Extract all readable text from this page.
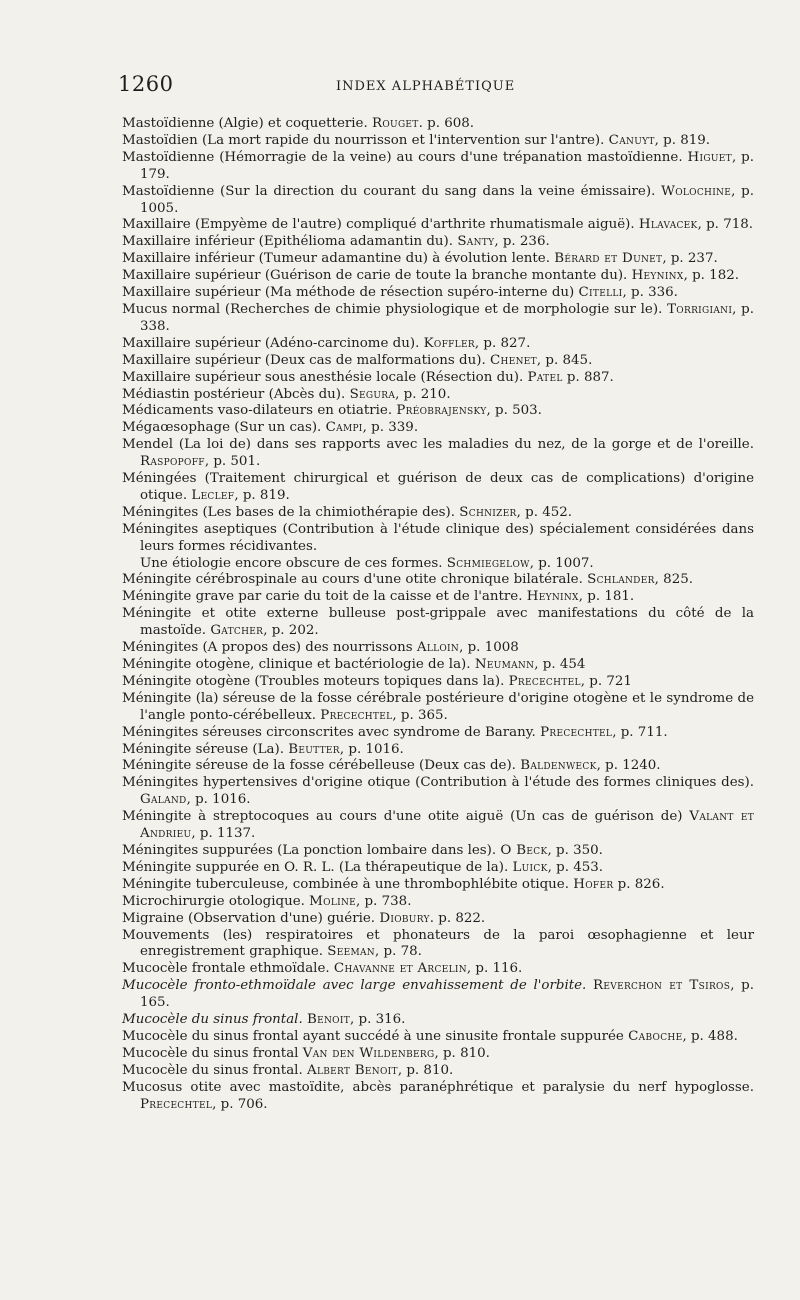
1260	INDEX ALPHABÉTIQUE

Mastoïdienne (Algie) et coquetterie. Rouget. p. 608.

Mastoïdien (La mort rapide du nourrisson et l'intervention sur l'antre). Canuyt, p. 819.

Mastoïdienne (Hémorragie de la veine) au cours d'une trépanation mastoïdienne. Higuet, p. 179.

Mastoïdienne (Sur la direction du courant du sang dans la veine émissaire). Wolochine, p. 1005.

Maxillaire (Empyème de l'autre) compliqué d'arthrite rhumatismale aiguë). Hlavacek, p. 718.

Maxillaire inférieur (Epithélioma adamantin du). Santy, p. 236.

Maxillaire inférieur (Tumeur adamantine du) à évolution lente. Bérard et Dunet, p. 237.

Maxillaire supérieur (Guérison de carie de toute la branche montante du). Heyninx, p. 182.

Maxillaire supérieur (Ma méthode de résection supéro-interne du) Citelli, p. 336.

Mucus normal (Recherches de chimie physiologique et de morphologie sur le). Torrigiani, p. 338.

Maxillaire supérieur (Adéno-carcinome du). Koffler, p. 827.

Maxillaire supérieur (Deux cas de malformations du). Chenet, p. 845.

Maxillaire supérieur sous anesthésie locale (Résection du). Patel p. 887.

Médiastin postérieur (Abcès du). Segura, p. 210.

Médicaments vaso-dilateurs en otiatrie. Préobrajensky, p. 503.

Mégaœsophage (Sur un cas). Campi, p. 339.

Mendel (La loi de) dans ses rapports avec les maladies du nez, de la gorge et de l'oreille. Raspopoff, p. 501.

Méningées (Traitement chirurgical et guérison de deux cas de complications) d'origine otique. Leclef, p. 819.

Méningites (Les bases de la chimiothérapie des). Schnizer, p. 452.

Méningites aseptiques (Contribution à l'étude clinique des) spécialement considérées dans leurs formes récidivantes.

Une étiologie encore obscure de ces formes. Schmiegelow, p. 1007.

Méningite cérébrospinale au cours d'une otite chronique bilatérale. Schlander, 825.

Méningite grave par carie du toit de la caisse et de l'antre. Heyninx, p. 181.

Méningite et otite externe bulleuse post-grippale avec manifestations du côté de la mastoïde. Gatcher, p. 202.

Méningites (A propos des) des nourrissons Alloin, p. 1008

Méningite otogène, clinique et bactériologie de la). Neumann, p. 454

Méningite otogène (Troubles moteurs topiques dans la). Precechtel, p. 721

Méningite (la) séreuse de la fosse cérébrale postérieure d'origine otogène et le syndrome de l'angle ponto-cérébelleux. Precechtel, p. 365.

Méningites séreuses circonscrites avec syndrome de Barany. Precechtel, p. 711.

Méningite séreuse (La). Beutter, p. 1016.

Méningite séreuse de la fosse cérébelleuse (Deux cas de). Baldenweck, p. 1240.

Méningites hypertensives d'origine otique (Contribution à l'étude des formes cliniques des). Galand, p. 1016.

Méningite à streptocoques au cours d'une otite aiguë (Un cas de guérison de) Valant et Andrieu, p. 1137.

Méningites suppurées (La ponction lombaire dans les). O Beck, p. 350.

Méningite suppurée en O. R. L. (La thérapeutique de la). Luick, p. 453.

Méningite tuberculeuse, combinée à une thrombophlébite otique. Hofer p. 826.

Microchirurgie otologique. Moline, p. 738.

Migraine (Observation d'une) guérie. Diobury. p. 822.

Mouvements (les) respiratoires et phonateurs de la paroi œsophagienne et leur enregistrement graphique. Seeman, p. 78.

Mucocèle frontale ethmoïdale. Chavanne et Arcelin, p. 116.

Mucocèle fronto-ethmoïdale avec large envahissement de l'orbite. Reverchon et Tsiros, p. 165.

Mucocèle du sinus frontal. Benoit, p. 316.

Mucocèle du sinus frontal ayant succédé à une sinusite frontale suppurée Caboche, p. 488.

Mucocèle du sinus frontal Van den Wildenberg, p. 810.

Mucocèle du sinus frontal. Albert Benoit, p. 810.

Mucosus otite avec mastoïdite, abcès paranéphrétique et paralysie du nerf hypoglosse. Precechtel, p. 706.
